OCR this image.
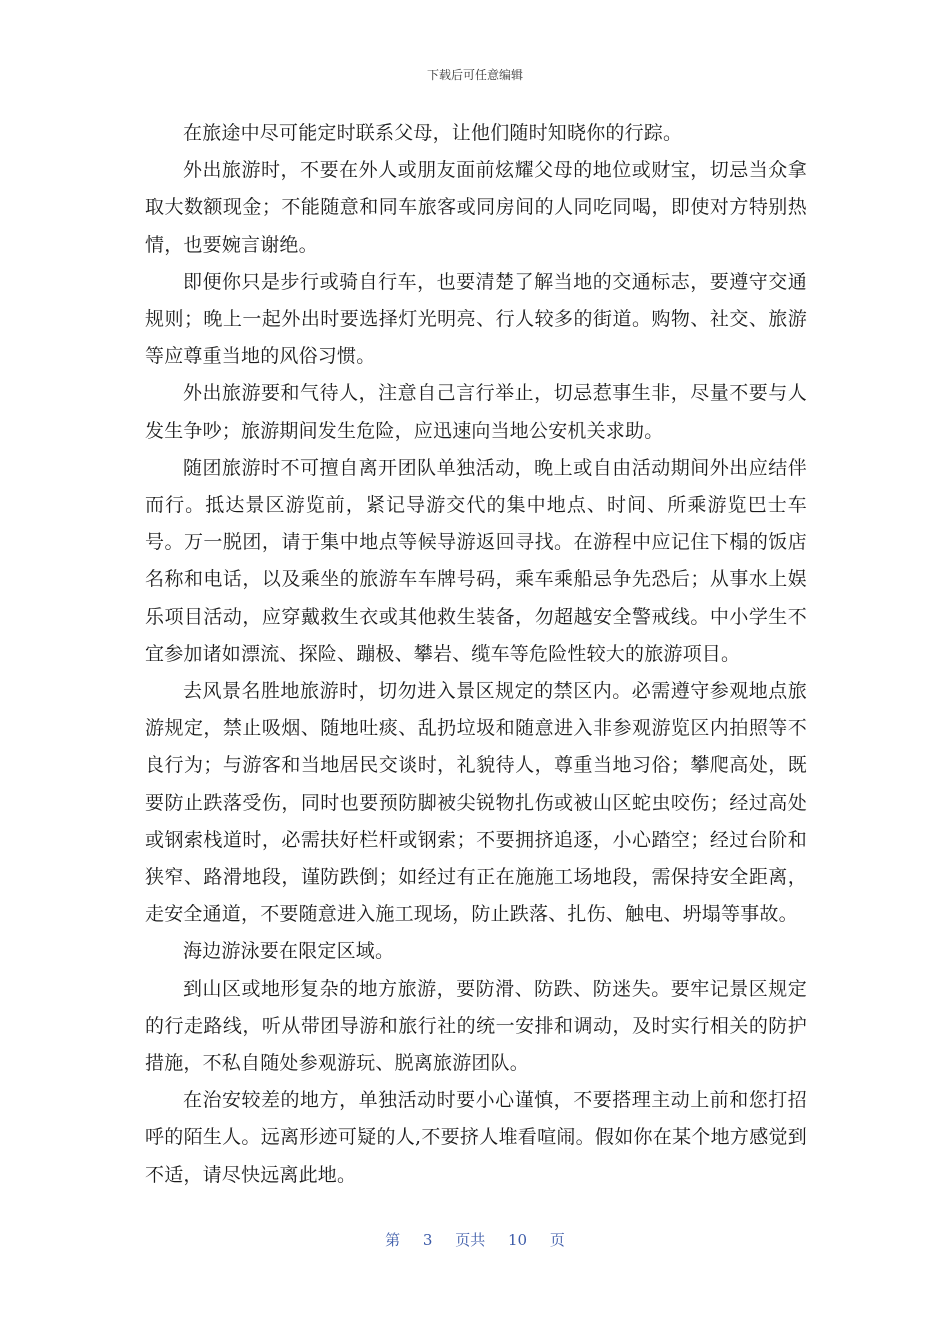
下载后可任意编辑

在旅途中尽可能定时联系父母，让他们随时知晓你的行踪。

外出旅游时，不要在外人或朋友面前炫耀父母的地位或财宝，切忌当众拿取大数额现金；不能随意和同车旅客或同房间的人同吃同喝，即使对方特别热情，也要婉言谢绝。

即便你只是步行或骑自行车，也要清楚了解当地的交通标志，要遵守交通规则；晚上一起外出时要选择灯光明亮、行人较多的街道。购物、社交、旅游等应尊重当地的风俗习惯。

外出旅游要和气待人，注意自己言行举止，切忌惹事生非，尽量不要与人发生争吵；旅游期间发生危险，应迅速向当地公安机关求助。

随团旅游时不可擅自离开团队单独活动，晚上或自由活动期间外出应结伴而行。抵达景区游览前，紧记导游交代的集中地点、时间、所乘游览巴士车号。万一脱团，请于集中地点等候导游返回寻找。在游程中应记住下榻的饭店名称和电话，以及乘坐的旅游车车牌号码，乘车乘船忌争先恐后；从事水上娱乐项目活动，应穿戴救生衣或其他救生装备，勿超越安全警戒线。中小学生不宜参加诸如漂流、探险、蹦极、攀岩、缆车等危险性较大的旅游项目。

去风景名胜地旅游时，切勿进入景区规定的禁区内。必需遵守参观地点旅游规定，禁止吸烟、随地吐痰、乱扔垃圾和随意进入非参观游览区内拍照等不良行为；与游客和当地居民交谈时，礼貌待人，尊重当地习俗；攀爬高处，既要防止跌落受伤，同时也要预防脚被尖锐物扎伤或被山区蛇虫咬伤；经过高处或钢索栈道时，必需扶好栏杆或钢索；不要拥挤追逐，小心踏空；经过台阶和狭窄、路滑地段，谨防跌倒；如经过有正在施施工场地段，需保持安全距离，走安全通道，不要随意进入施工现场，防止跌落、扎伤、触电、坍塌等事故。

海边游泳要在限定区域。

到山区或地形复杂的地方旅游，要防滑、防跌、防迷失。要牢记景区规定的行走路线，听从带团导游和旅行社的统一安排和调动，及时实行相关的防护措施，不私自随处参观游玩、脱离旅游团队。

在治安较差的地方，单独活动时要小心谨慎，不要搭理主动上前和您打招呼的陌生人。远离形迹可疑的人,不要挤人堆看喧闹。假如你在某个地方感觉到不适，请尽快远离此地。

第 3 页共 10 页
